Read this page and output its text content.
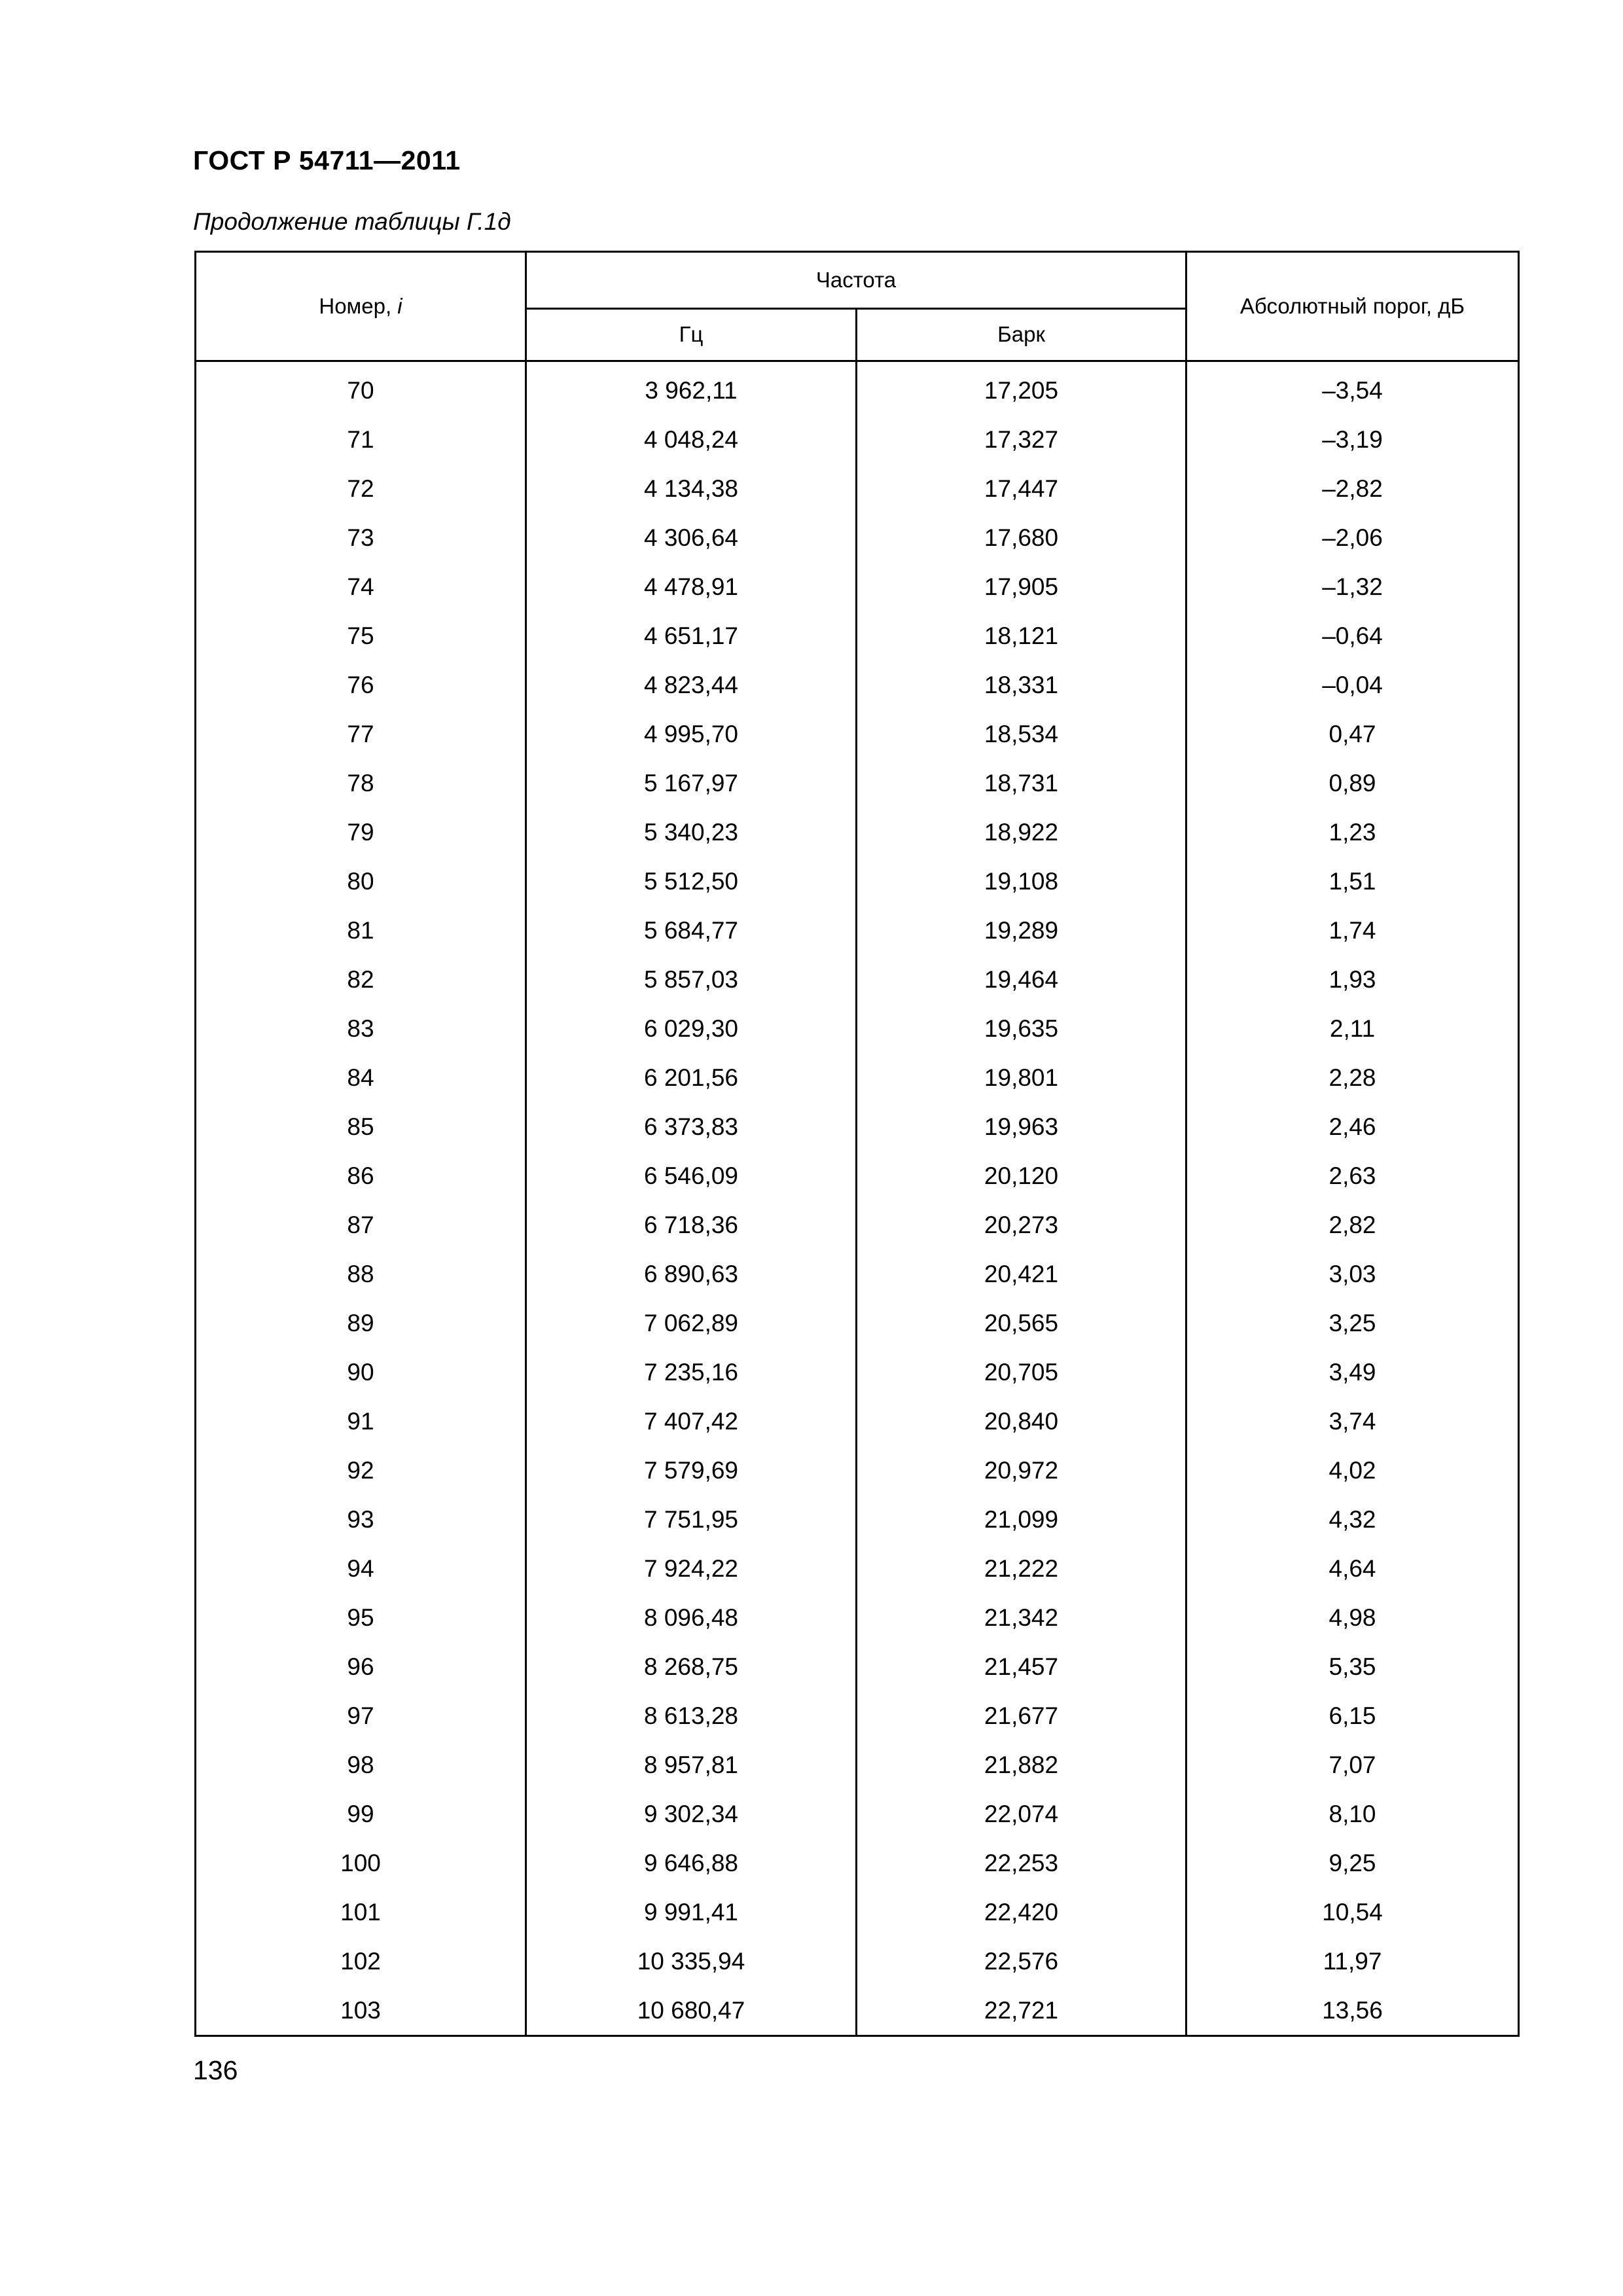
ГОСТ Р 54711—2011
Продолжение таблицы Г.1д
Номер, i	Частота		Абсолютный порог, дБ
	Гц	Барк	

70	3 962,11	17,205	–3,54
71	4 048,24	17,327	–3,19
72	4 134,38	17,447	–2,82
73	4 306,64	17,680	–2,06
74	4 478,91	17,905	–1,32
75	4 651,17	18,121	–0,64
76	4 823,44	18,331	–0,04
77	4 995,70	18,534	0,47
78	5 167,97	18,731	0,89
79	5 340,23	18,922	1,23
80	5 512,50	19,108	1,51
81	5 684,77	19,289	1,74
82	5 857,03	19,464	1,93
83	6 029,30	19,635	2,11
84	6 201,56	19,801	2,28
85	6 373,83	19,963	2,46
86	6 546,09	20,120	2,63
87	6 718,36	20,273	2,82
88	6 890,63	20,421	3,03
89	7 062,89	20,565	3,25
90	7 235,16	20,705	3,49
91	7 407,42	20,840	3,74
92	7 579,69	20,972	4,02
93	7 751,95	21,099	4,32
94	7 924,22	21,222	4,64
95	8 096,48	21,342	4,98
96	8 268,75	21,457	5,35
97	8 613,28	21,677	6,15
98	8 957,81	21,882	7,07
99	9 302,34	22,074	8,10
100	9 646,88	22,253	9,25
101	9 991,41	22,420	10,54
102	10 335,94	22,576	11,97
103	10 680,47	22,721	13,56
136
